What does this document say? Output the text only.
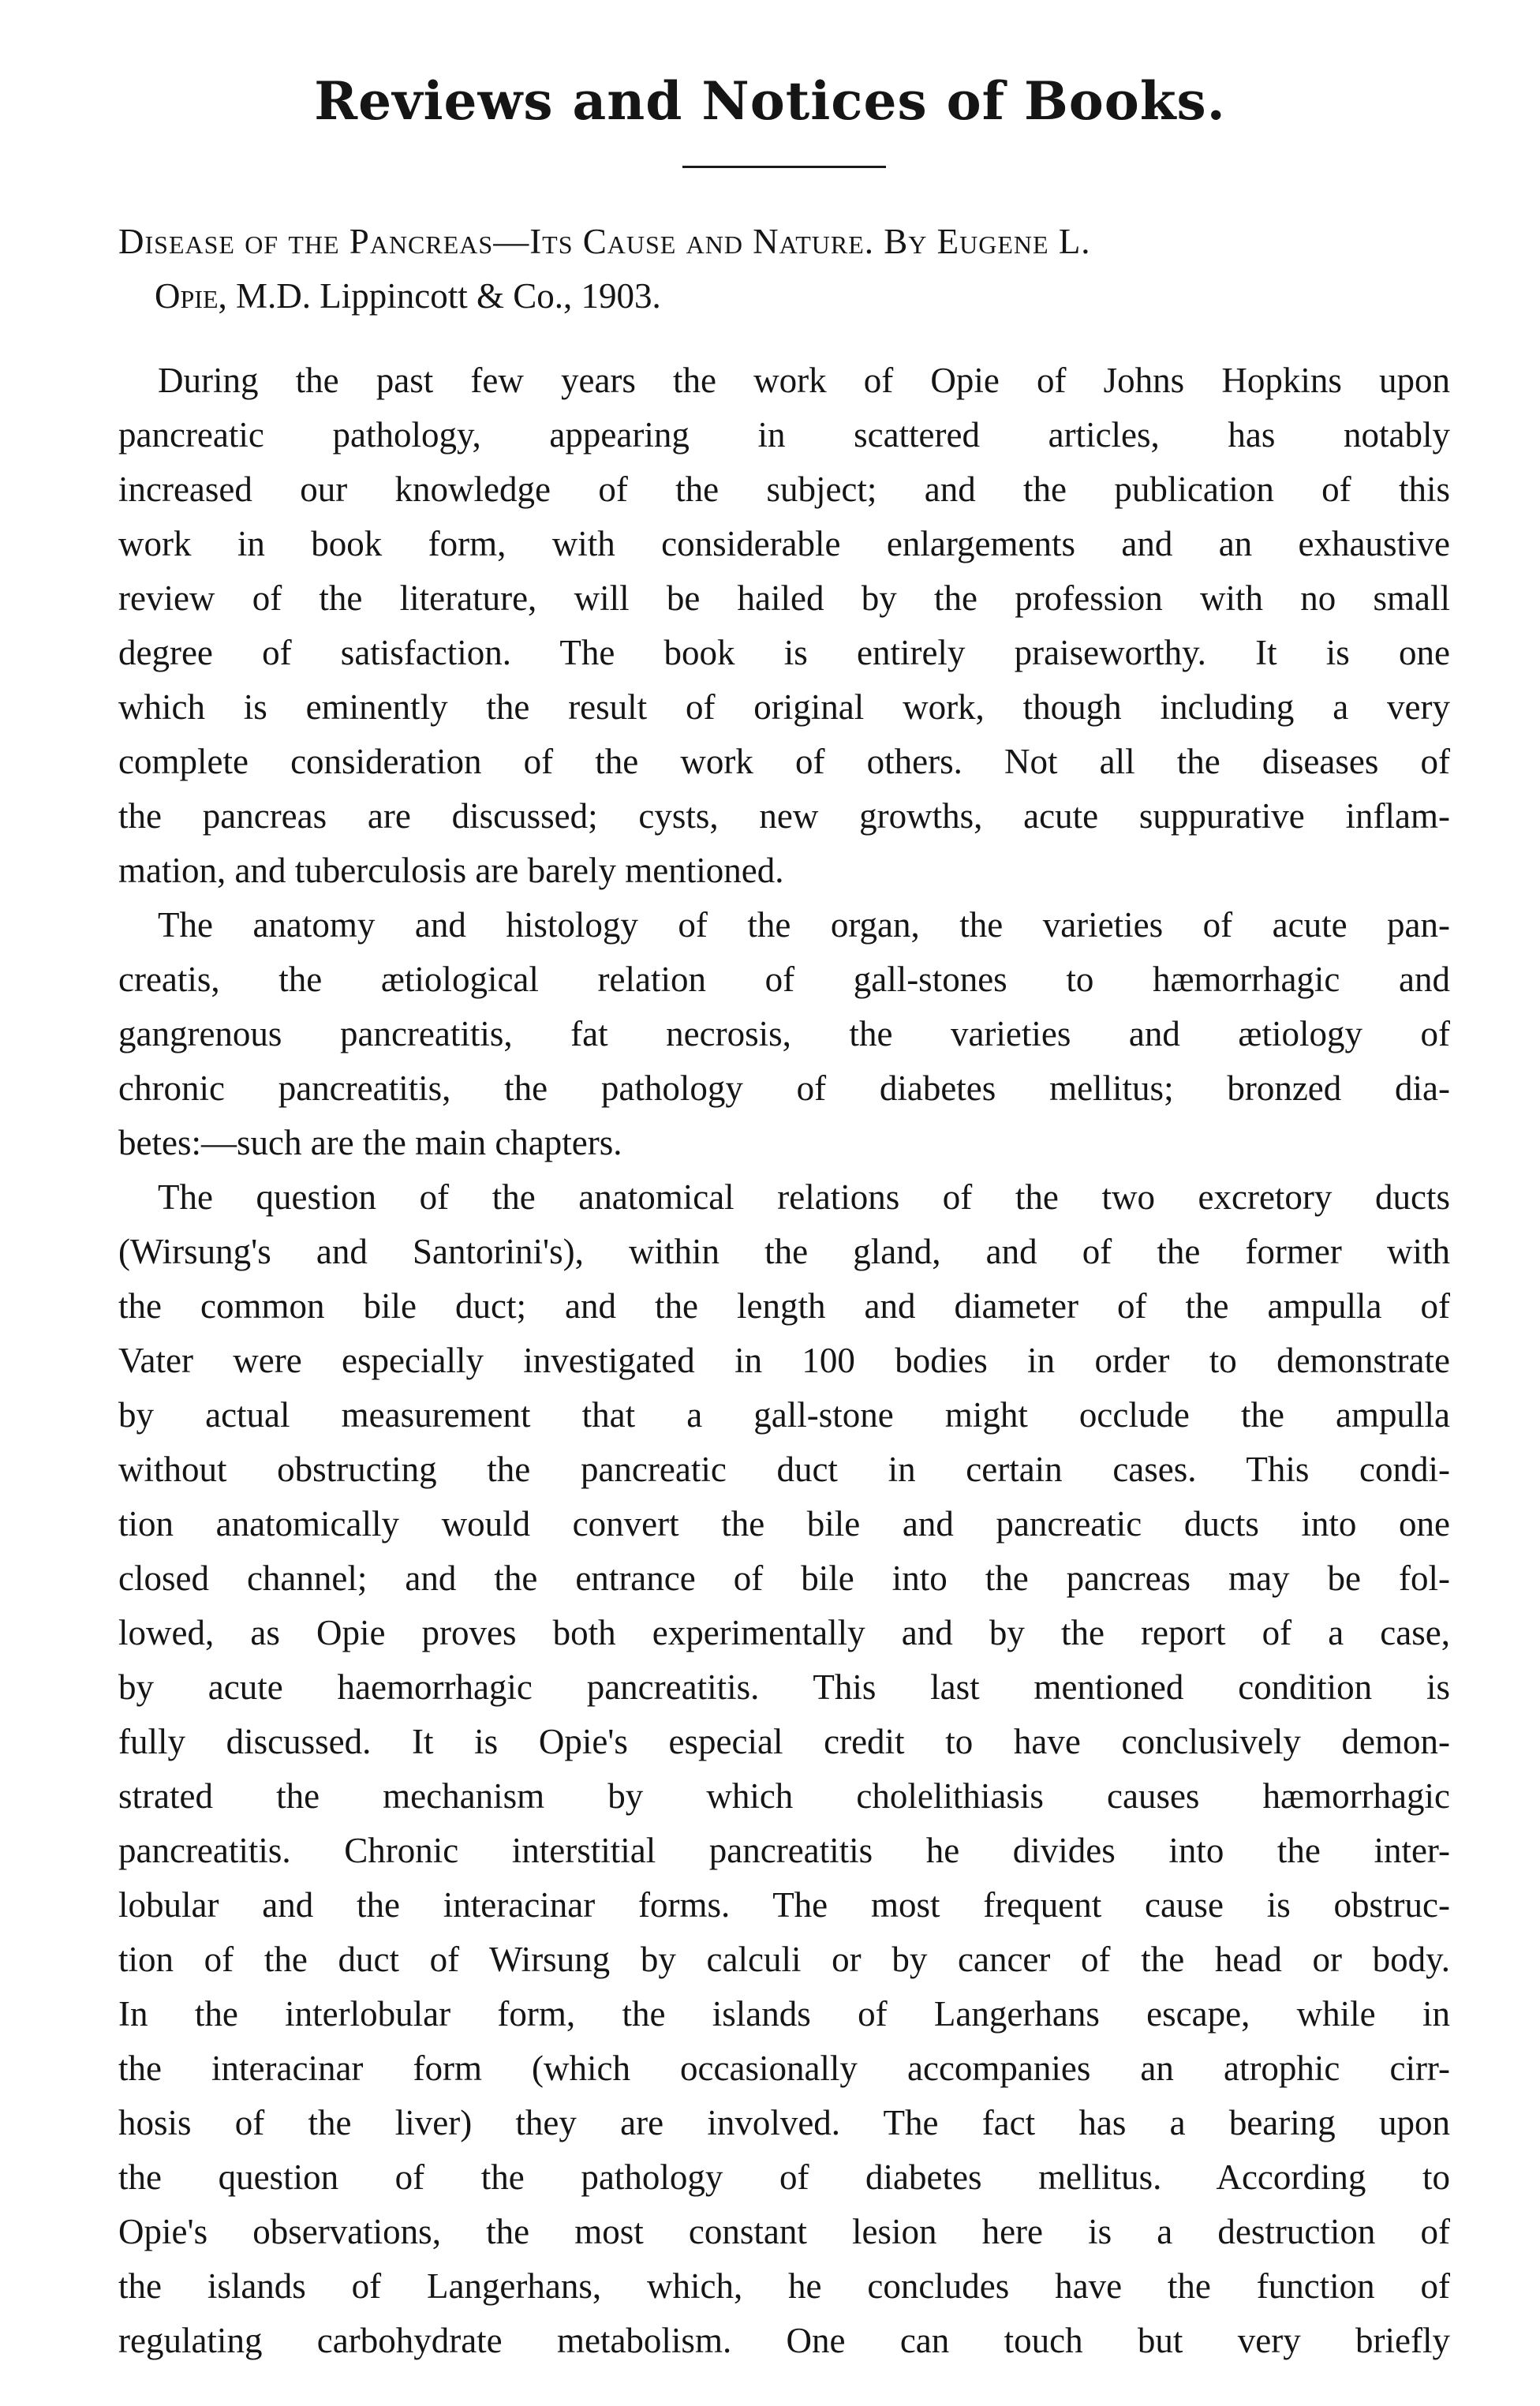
Reviews and Notices of Books.
Disease of the Pancreas—Its Cause and Nature. By Eugene L.
Opie, M.D. Lippincott & Co., 1903.
During the past few years the work of Opie of Johns Hopkins upon
pancreatic pathology, appearing in scattered articles, has notably
increased our knowledge of the subject; and the publication of this
work in book form, with considerable enlargements and an exhaustive
review of the literature, will be hailed by the profession with no small
degree of satisfaction. The book is entirely praiseworthy. It is one
which is eminently the result of original work, though including a very
complete consideration of the work of others. Not all the diseases of
the pancreas are discussed; cysts, new growths, acute suppurative inflam-
mation, and tuberculosis are barely mentioned.
The anatomy and histology of the organ, the varieties of acute pan-
creatis, the ætiological relation of gall-stones to hæmorrhagic and
gangrenous pancreatitis, fat necrosis, the varieties and ætiology of
chronic pancreatitis, the pathology of diabetes mellitus; bronzed dia-
betes:—such are the main chapters.
The question of the anatomical relations of the two excretory ducts
(Wirsung's and Santorini's), within the gland, and of the former with
the common bile duct; and the length and diameter of the ampulla of
Vater were especially investigated in 100 bodies in order to demonstrate
by actual measurement that a gall-stone might occlude the ampulla
without obstructing the pancreatic duct in certain cases. This condi-
tion anatomically would convert the bile and pancreatic ducts into one
closed channel; and the entrance of bile into the pancreas may be fol-
lowed, as Opie proves both experimentally and by the report of a case,
by acute haemorrhagic pancreatitis. This last mentioned condition is
fully discussed. It is Opie's especial credit to have conclusively demon-
strated the mechanism by which cholelithiasis causes hæmorrhagic
pancreatitis. Chronic interstitial pancreatitis he divides into the inter-
lobular and the interacinar forms. The most frequent cause is obstruc-
tion of the duct of Wirsung by calculi or by cancer of the head or body.
In the interlobular form, the islands of Langerhans escape, while in
the interacinar form (which occasionally accompanies an atrophic cirr-
hosis of the liver) they are involved. The fact has a bearing upon
the question of the pathology of diabetes mellitus. According to
Opie's observations, the most constant lesion here is a destruction of
the islands of Langerhans, which, he concludes have the function of
regulating carbohydrate metabolism. One can touch but very briefly
